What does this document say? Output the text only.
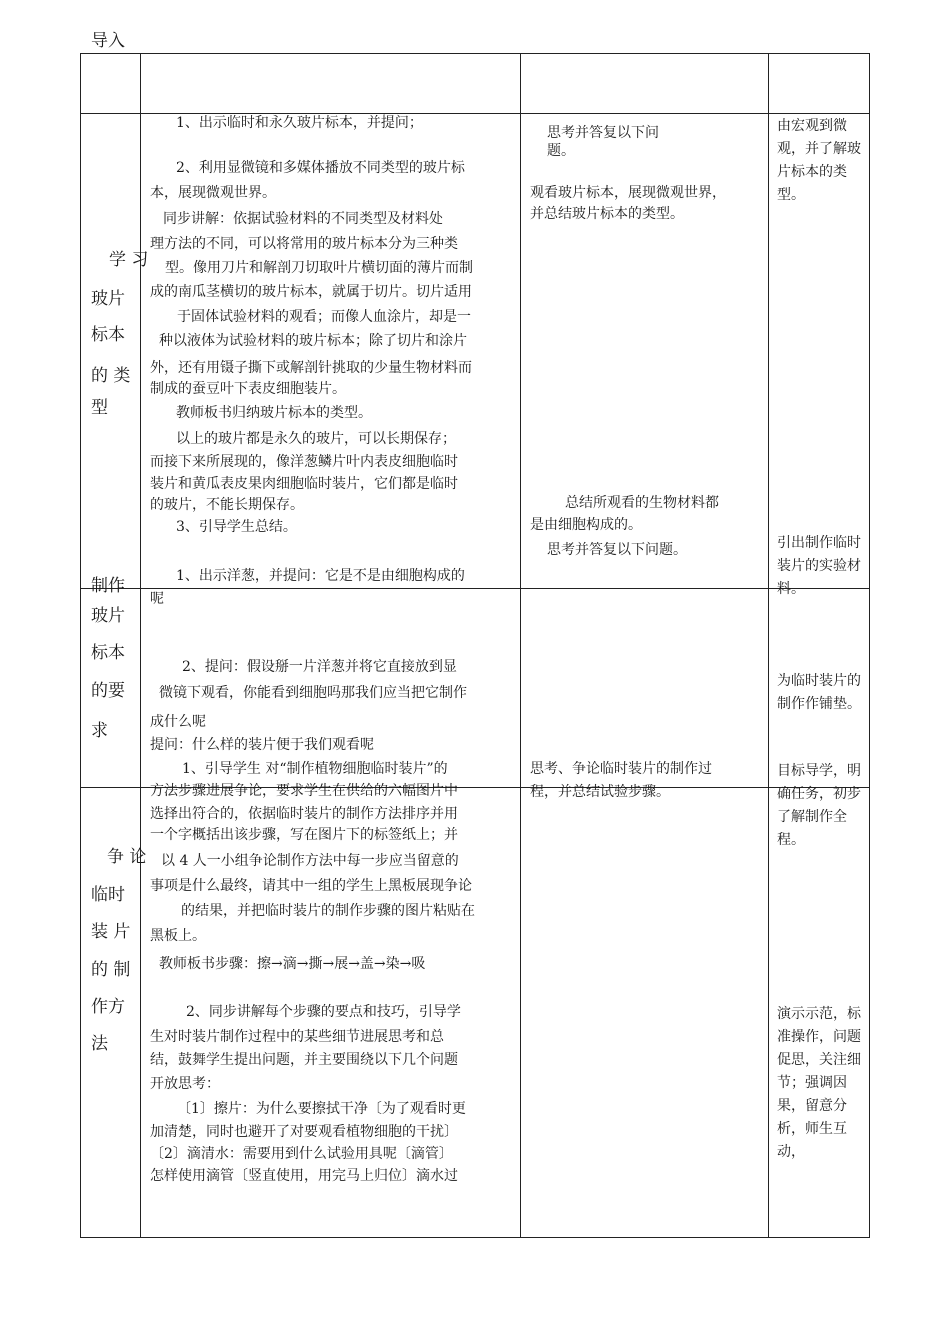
导入
学 习
玻片
标本
的 类
型
制作
玻片
标本
的要
求
争 论
临时
装 片
的 制
作方
法
1、出示临时和永久玻片标本，并提问；
2、利用显微镜和多媒体播放不同类型的玻片标
本，展现微观世界。
同步讲解：依据试验材料的不同类型及材料处
理方法的不同，可以将常用的玻片标本分为三种类
型。像用刀片和解剖刀切取叶片横切面的薄片而制
成的南瓜茎横切的玻片标本，就属于切片。切片适用
于固体试验材料的观看；而像人血涂片，却是一
种以液体为试验材料的玻片标本；除了切片和涂片
外，还有用镊子撕下或解剖针挑取的少量生物材料而
制成的蚕豆叶下表皮细胞装片。
教师板书归纳玻片标本的类型。
以上的玻片都是永久的玻片，可以长期保存；
而接下来所展现的，像洋葱鳞片叶内表皮细胞临时
装片和黄瓜表皮果肉细胞临时装片，它们都是临时
的玻片，不能长期保存。
3、引导学生总结。
1、出示洋葱，并提问：它是不是由细胞构成的
呢
2、提问：假设掰一片洋葱并将它直接放到显
微镜下观看，你能看到细胞吗那我们应当把它制作
成什么呢
提问：什么样的装片便于我们观看呢
1、引导学生 对“制作植物细胞临时装片”的
方法步骤进展争论，要求学生在供给的六幅图片中
选择出符合的，依据临时装片的制作方法排序并用
一个字概括出该步骤，写在图片下的标签纸上；并
以 4 人一小组争论制作方法中每一步应当留意的
事项是什么最终，请其中一组的学生上黑板展现争论
的结果，并把临时装片的制作步骤的图片粘贴在
黑板上。
教师板书步骤：擦→滴→撕→展→盖→染→吸
2、同步讲解每个步骤的要点和技巧，引导学
生对时装片制作过程中的某些细节进展思考和总
结，鼓舞学生提出问题，并主要围绕以下几个问题
开放思考：
〔1〕擦片：为什么要擦拭干净〔为了观看时更
加清楚，同时也避开了对要观看植物细胞的干扰〕
〔2〕滴清水：需要用到什么试验用具呢〔滴管〕
怎样使用滴管〔竖直使用，用完马上归位〕滴水过
思考并答复以下问
题。
观看玻片标本，展现微观世界，
并总结玻片标本的类型。
总结所观看的生物材料都
是由细胞构成的。
思考并答复以下问题。
思考、争论临时装片的制作过
程，并总结试验步骤。
由宏观到微观，并了解玻片标本的类型。
引出制作临时装片的实验材料。
为临时装片的制作作铺垫。
目标导学，明确任务，初步了解制作全程。
演示示范，标准操作，问题促思，关注细节；强调因果，留意分析，师生互动，
